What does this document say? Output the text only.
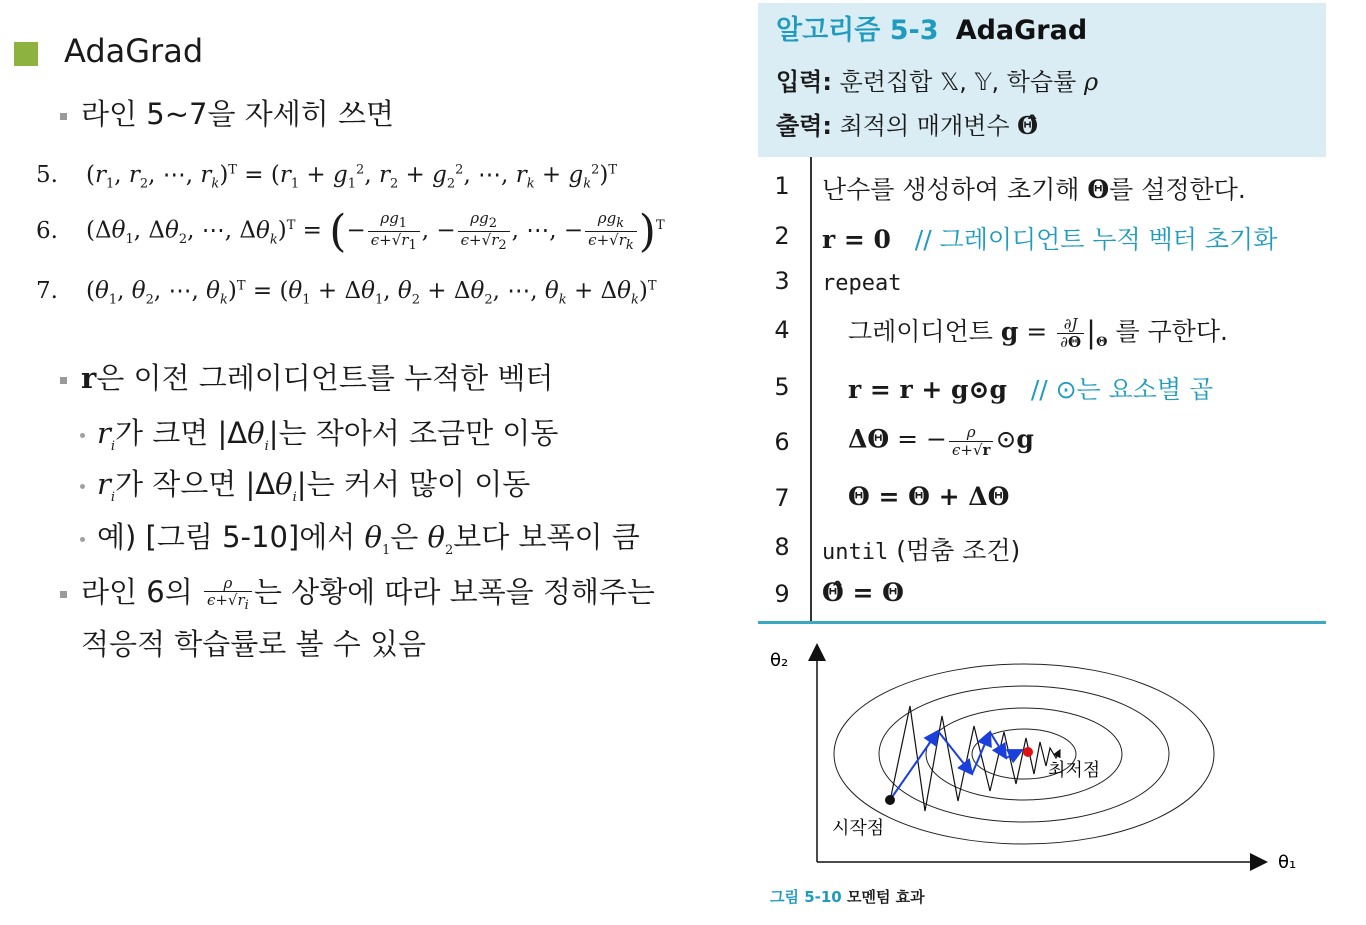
AdaGrad
라인 5~7을 자세히 쓰면
5. ($r_1$, $r_2$, ⋯, $r_k)^T = (r_1 + g_1^2$, $r_2 + g_2^2$, ⋯, $r_k + g_k^2)^T$
6. ($\Delta\theta_1$, $\Delta\theta_2$, ⋯, $\Delta\theta_k)^T$ = (− $\frac{\rho g_1}{\epsilon+√r_1}$ , − $\frac{\rho g_2}{\epsilon+√r_2}$ , ⋯, − $\frac{\rho g_k}{\epsilon+√r_k} )^T$
7. ($\theta_1$, $\theta_2$, ⋯, $\theta_k)^T = (\theta_1 + \Delta\theta_1$, $\theta_2 + \Delta\theta_2$, ⋯, $\theta_k + \Delta\theta_k)^T$
r은 이전 그레이디언트를 누적한 벡터
$r_i$가 크면 $|\Delta\theta_i|$는 작아서 조금만 이동
$r_i$가 작으면 $|\Delta\theta_i|$는 커서 많이 이동
예) [그림 5-10]에서 $\theta_1$은 $\theta_2$보다 보폭이 큼
라인 6의 $\frac{\rho}{\epsilon+√r_i}$ 는 상황에 따라 보폭을 정해주는
적응적 학습률로 볼 수 있음
알고리즘 5-3 AdaGrad
입력: 훈련집합 𝕏, 𝕐, 학습률 ρ
출력: 최적의 매개변수 Θ̂
1
2
3
4
5
6
7
8
9
난수를 생성하여 초기해 Θ를 설정한다.
r = 0 // 그레이디언트 누적 벡터 초기화
repeat
그레이디언트 $g = \frac{\partial J}{\partial\Theta} |_\Theta$ 를 구한다.
r = r + g⊙g // ⊙는 요소별 곱
ΔΘ = − $\frac{\rho}{\epsilon+√r}$ ⊙g
Θ = Θ + ΔΘ
until (멈춤 조건)
Θ̂ = Θ
θ₂
θ₁
최저점
시작점
그림 5-10 모멘텀 효과
